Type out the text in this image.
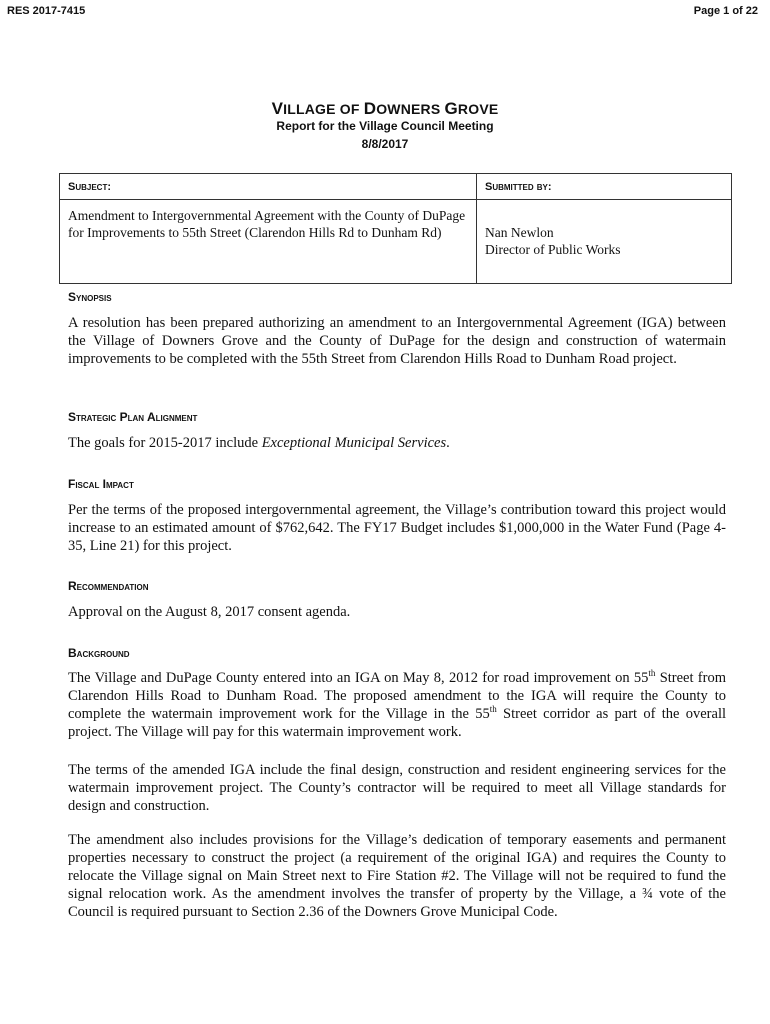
RES 2017-7415	Page 1 of 22
VILLAGE OF DOWNERS GROVE
Report for the Village Council Meeting
8/8/2017
Subject:	Submitted by:
Amendment to Intergovernmental Agreement with the County of DuPage for Improvements to 55th Street (Clarendon Hills Rd to Dunham Rd)	Nan Newlon
Director of Public Works
Synopsis
A resolution has been prepared authorizing an amendment to an Intergovernmental Agreement (IGA) between the Village of Downers Grove and the County of DuPage for the design and construction of watermain improvements to be completed with the 55th Street from Clarendon Hills Road to Dunham Road project.
Strategic Plan Alignment
The goals for 2015-2017 include Exceptional Municipal Services.
Fiscal Impact
Per the terms of the proposed intergovernmental agreement, the Village’s contribution toward this project would increase to an estimated amount of $762,642. The FY17 Budget includes $1,000,000 in the Water Fund (Page 4-35, Line 21) for this project.
Recommendation
Approval on the August 8, 2017 consent agenda.
Background
The Village and DuPage County entered into an IGA on May 8, 2012 for road improvement on 55th Street from Clarendon Hills Road to Dunham Road. The proposed amendment to the IGA will require the County to complete the watermain improvement work for the Village in the 55th Street corridor as part of the overall project. The Village will pay for this watermain improvement work.
The terms of the amended IGA include the final design, construction and resident engineering services for the watermain improvement project. The County’s contractor will be required to meet all Village standards for design and construction.
The amendment also includes provisions for the Village’s dedication of temporary easements and permanent properties necessary to construct the project (a requirement of the original IGA) and requires the County to relocate the Village signal on Main Street next to Fire Station #2. The Village will not be required to fund the signal relocation work. As the amendment involves the transfer of property by the Village, a ¾ vote of the Council is required pursuant to Section 2.36 of the Downers Grove Municipal Code.
